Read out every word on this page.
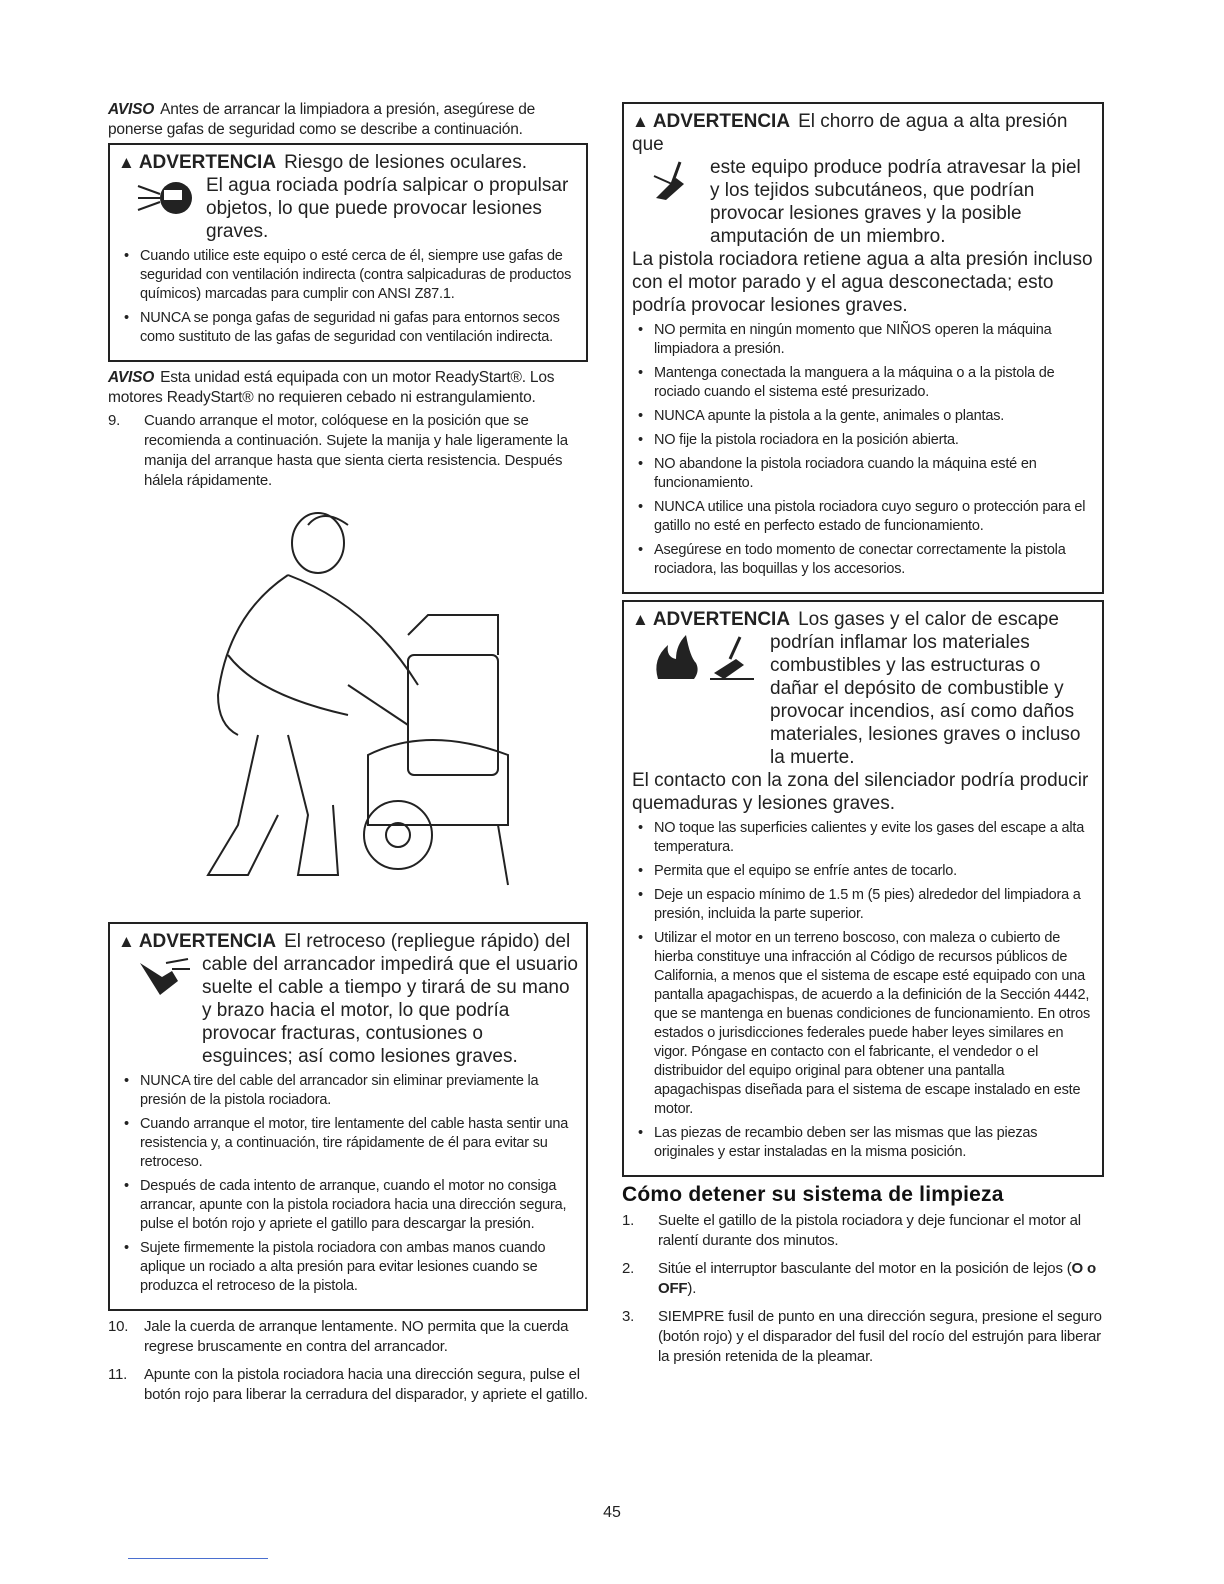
AVISO Antes de arrancar la limpiadora a presión, asegúrese de ponerse gafas de seguridad como se describe a continuación.

▲ ADVERTENCIA Riesgo de lesiones oculares.
El agua rociada podría salpicar o propulsar objetos, lo que puede provocar lesiones graves.
• Cuando utilice este equipo o esté cerca de él, siempre use gafas de seguridad con ventilación indirecta (contra salpicaduras de productos químicos) marcadas para cumplir con ANSI Z87.1.
• NUNCA se ponga gafas de seguridad ni gafas para entornos secos como sustituto de las gafas de seguridad con ventilación indirecta.

AVISO Esta unidad está equipada con un motor ReadyStart®. Los motores ReadyStart® no requieren cebado ni estrangulamiento.

9. Cuando arranque el motor, colóquese en la posición que se recomienda a continuación. Sujete la manija y hale ligeramente la manija del arranque hasta que sienta cierta resistencia. Después hálela rápidamente.
▲ ADVERTENCIA El retroceso (repliegue rápido) del
cable del arrancador impedirá que el usuario suelte el cable a tiempo y tirará de su mano y brazo hacia el motor, lo que podría provocar fracturas, contusiones o esguinces; así como lesiones graves.
• NUNCA tire del cable del arrancador sin eliminar previamente la presión de la pistola rociadora.
• Cuando arranque el motor, tire lentamente del cable hasta sentir una resistencia y, a continuación, tire rápidamente de él para evitar su retroceso.
• Después de cada intento de arranque, cuando el motor no consiga arrancar, apunte con la pistola rociadora hacia una dirección segura, pulse el botón rojo y apriete el gatillo para descargar la presión.
• Sujete firmemente la pistola rociadora con ambas manos cuando aplique un rociado a alta presión para evitar lesiones cuando se produzca el retroceso de la pistola.
10. Jale la cuerda de arranque lentamente. NO permita que la cuerda regrese bruscamente en contra del arrancador.
11. Apunte con la pistola rociadora hacia una dirección segura, pulse el botón rojo para liberar la cerradura del disparador, y apriete el gatillo.
▲ ADVERTENCIA El chorro de agua a alta presión que
este equipo produce podría atravesar la piel y los tejidos subcutáneos, que podrían provocar lesiones graves y la posible amputación de un miembro.
La pistola rociadora retiene agua a alta presión incluso con el motor parado y el agua desconectada; esto podría provocar lesiones graves.
• NO permita en ningún momento que NIÑOS operen la máquina limpiadora a presión.
• Mantenga conectada la manguera a la máquina o a la pistola de rociado cuando el sistema esté presurizado.
• NUNCA apunte la pistola a la gente, animales o plantas.
• NO fije la pistola rociadora en la posición abierta.
• NO abandone la pistola rociadora cuando la máquina esté en funcionamiento.
• NUNCA utilice una pistola rociadora cuyo seguro o protección para el gatillo no esté en perfecto estado de funcionamiento.
• Asegúrese en todo momento de conectar correctamente la pistola rociadora, las boquillas y los accesorios.
▲ ADVERTENCIA Los gases y el calor de escape
podrían inflamar los materiales combustibles y las estructuras o dañar el depósito de combustible y provocar incendios, así como daños materiales, lesiones graves o incluso la muerte.
El contacto con la zona del silenciador podría producir quemaduras y lesiones graves.
• NO toque las superficies calientes y evite los gases del escape a alta temperatura.
• Permita que el equipo se enfríe antes de tocarlo.
• Deje un espacio mínimo de 1.5 m (5 pies) alrededor del limpiadora a presión, incluida la parte superior.
• Utilizar el motor en un terreno boscoso, con maleza o cubierto de hierba constituye una infracción al Código de recursos públicos de California, a menos que el sistema de escape esté equipado con una pantalla apagachispas, de acuerdo a la definición de la Sección 4442, que se mantenga en buenas condiciones de funcionamiento. En otros estados o jurisdicciones federales puede haber leyes similares en vigor. Póngase en contacto con el fabricante, el vendedor o el distribuidor del equipo original para obtener una pantalla apagachispas diseñada para el sistema de escape instalado en este motor.
• Las piezas de recambio deben ser las mismas que las piezas originales y estar instaladas en la misma posición.
Cómo detener su sistema de limpieza
1. Suelte el gatillo de la pistola rociadora y deje funcionar el motor al ralentí durante dos minutos.
2. Sitúe el interruptor basculante del motor en la posición de lejos (O o OFF).
3. SIEMPRE fusil de punto en una dirección segura, presione el seguro (botón rojo) y el disparador del fusil del rocío del estrujón para liberar la presión retenida de la pleamar.
45
